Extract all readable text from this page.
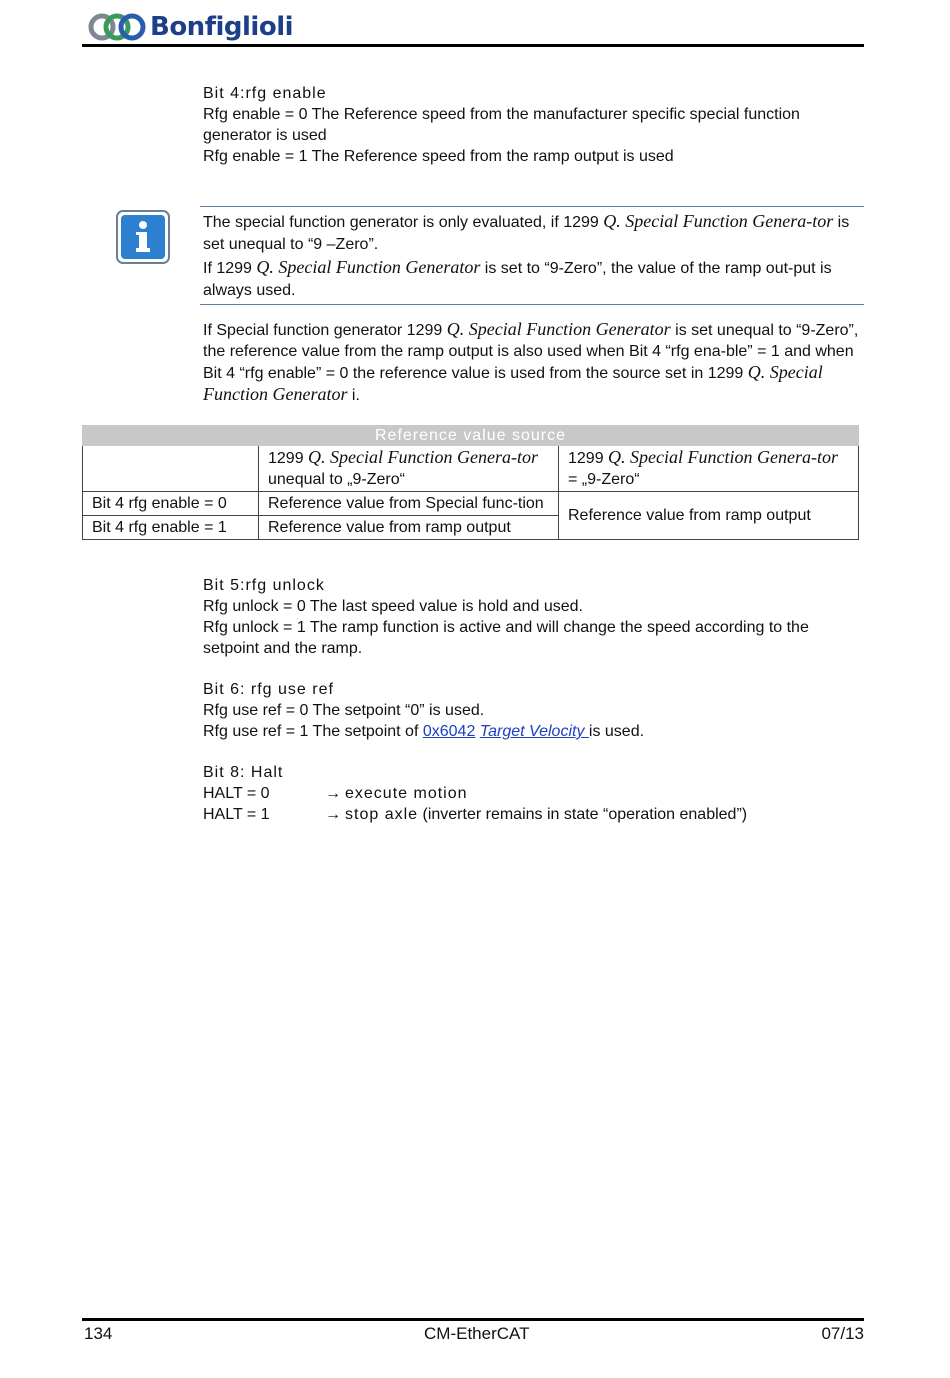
Bonfiglioli

Bit 4:rfg enable

Rfg enable = 0 The Reference speed from the manufacturer specific special function generator is used

Rfg enable = 1 The Reference speed from the ramp output is used

The special function generator is only evaluated, if 1299 Q. Special Function Genera-tor is set unequal to “9 –Zero”.

If 1299 Q. Special Function Generator is set to “9-Zero”, the value of the ramp out-put is always used.

If Special function generator 1299 Q. Special Function Generator is set unequal to “9-Zero”, the reference value from the ramp output is also used when Bit 4 “rfg ena-ble” = 1 and when Bit 4 “rfg enable” = 0 the reference value is used from the source set in 1299 Q. Special Function Generator i.

Reference value source		
	1299 Q. Special Function Genera-tor unequal to „9-Zero“	1299 Q. Special Function Genera-tor = „9-Zero“
Bit 4 rfg enable = 0	Reference value from Special func-tion	Reference value from ramp output
Bit 4 rfg enable = 1	Reference value from ramp output	

Bit 5:rfg unlock

Rfg unlock = 0 The last speed value is hold and used.

Rfg unlock = 1 The ramp function is active and will change the speed according to the setpoint and the ramp.

Bit 6: rfg use ref

Rfg use ref = 0 The setpoint “0” is used.

Rfg use ref = 1 The setpoint of 0x6042 Target Velocity is used.

Bit 8: Halt

HALT = 0	→ execute motion
HALT = 1	→ stop axle (inverter remains in state “operation enabled”)
134	CM-EtherCAT	07/13
